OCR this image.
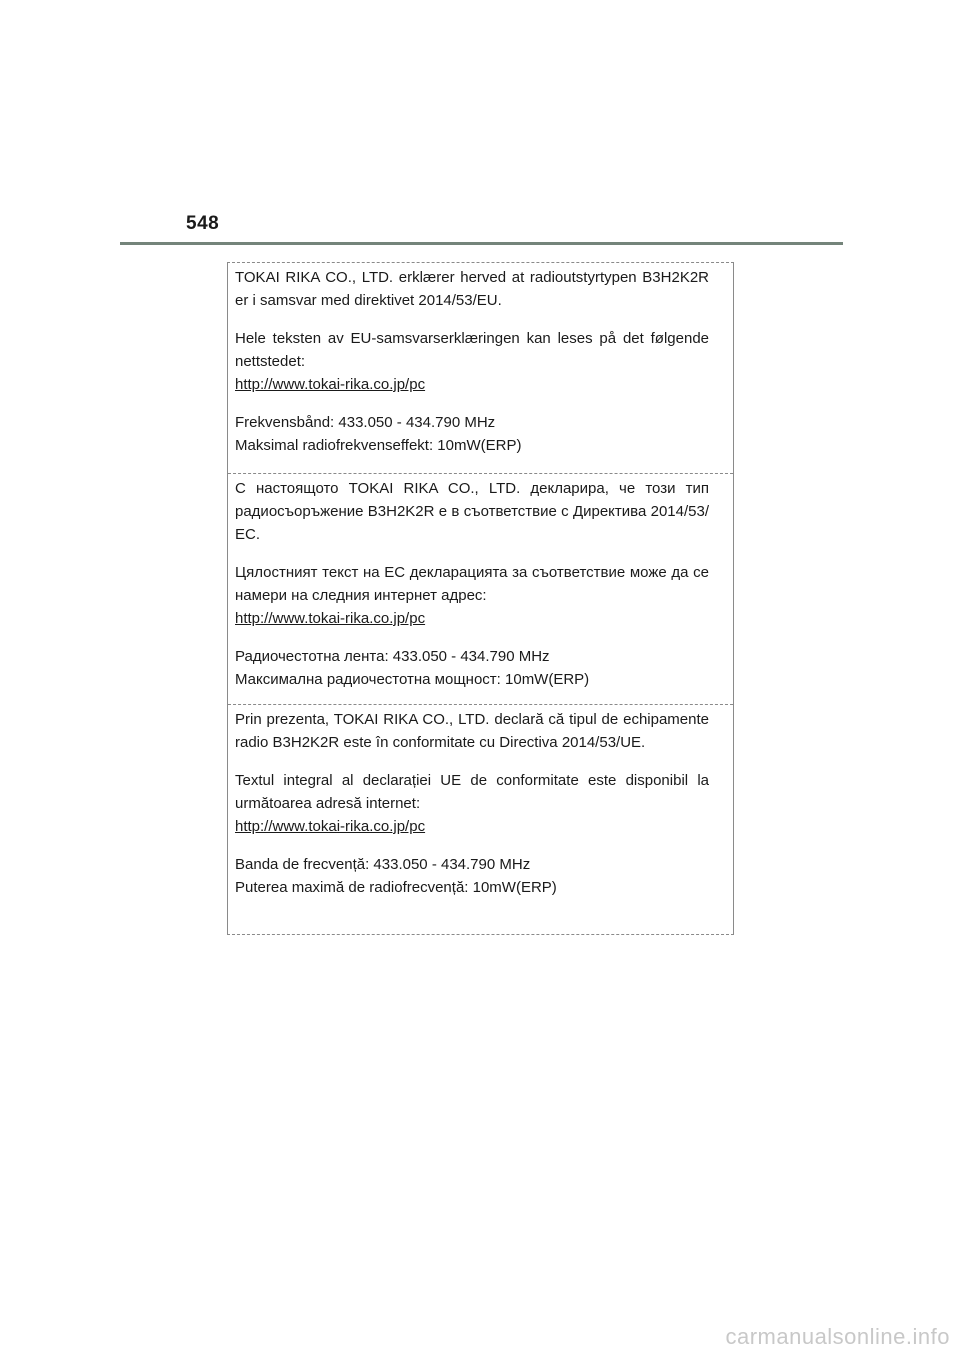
548

TOKAI RIKA CO., LTD. erklærer herved at radioutstyrtypen B3H2K2R er i samsvar med direktivet 2014/53/EU.

Hele teksten av EU-samsvarserklæringen kan leses på det følgende nettstedet:

http://www.tokai-rika.co.jp/pc

Frekvensbånd: 433.050 - 434.790 MHz

Maksimal radiofrekvenseffekt: 10mW(ERP)

С настоящото TOKAI RIKA CO., LTD. декларира, че този тип радиосъоръжение B3H2K2R е в съответствие с Директива 2014/53/ЕС.

Цялостният текст на ЕС декларацията за съответствие може да се намери на следния интернет адрес:

http://www.tokai-rika.co.jp/pc

Радиочестотна лента: 433.050 - 434.790 MHz

Максимална радиочестотна мощност: 10mW(ERP)

Prin prezenta, TOKAI RIKA CO., LTD. declară că tipul de echipamente radio B3H2K2R este în conformitate cu Directiva 2014/53/UE.

Textul integral al declarației UE de conformitate este disponibil la următoarea adresă internet:

http://www.tokai-rika.co.jp/pc

Banda de frecvență: 433.050 - 434.790 MHz

Puterea maximă de radiofrecvență: 10mW(ERP)

carmanualsonline.info
